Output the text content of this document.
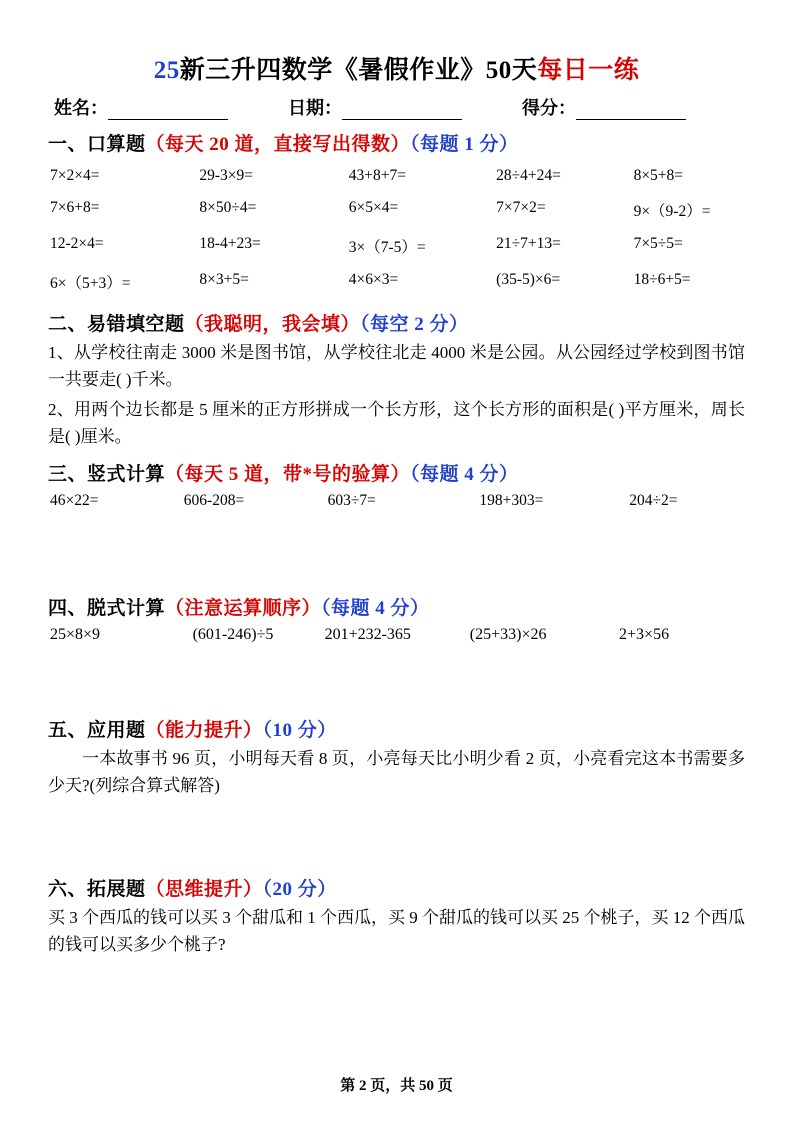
25新三升四数学《暑假作业》50天每日一练
姓名：	日期：	得分：
一、口算题（每天 20 道，直接写出得数）（每题 1 分）
7×2×4=	29-3×9=	43+8+7=	28÷4+24=	8×5+8=
7×6+8=	8×50÷4=	6×5×4=	7×7×2=	9×（9-2）=
12-2×4=	18-4+23=	3×（7-5）=	21÷7+13=	7×5÷5=
6×（5+3）=	8×3+5=	4×6×3=	(35-5)×6=	18÷6+5=
二、易错填空题（我聪明，我会填）（每空 2 分）
1、从学校往南走 3000 米是图书馆，从学校往北走 4000 米是公园。从公园经过学校到图书馆一共要走( )千米。
2、用两个边长都是 5 厘米的正方形拼成一个长方形，这个长方形的面积是( )平方厘米，周长是( )厘米。
三、竖式计算（每天 5 道，带*号的验算）（每题 4 分）
46×22=	606-208=	603÷7=	198+303=	204÷2=
四、脱式计算（注意运算顺序）（每题 4 分）
25×8×9	(601-246)÷5	201+232-365	(25+33)×26	2+3×56
五、应用题（能力提升）（10 分）
一本故事书 96 页，小明每天看 8 页，小亮每天比小明少看 2 页，小亮看完这本书需要多少天?(列综合算式解答)
六、拓展题（思维提升）（20 分）
买 3 个西瓜的钱可以买 3 个甜瓜和 1 个西瓜，买 9 个甜瓜的钱可以买 25 个桃子，买 12 个西瓜的钱可以买多少个桃子?
第 2 页，共 50 页
